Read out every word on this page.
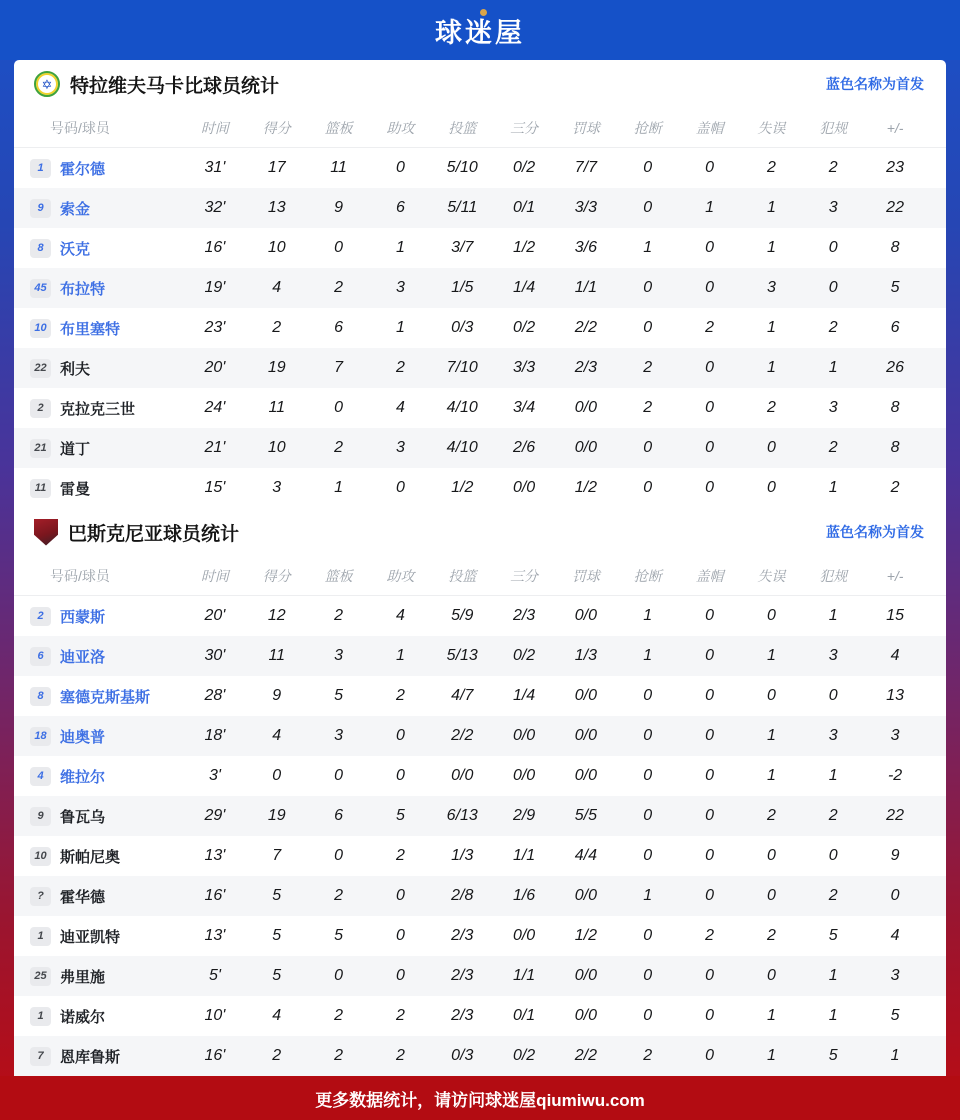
球迷屋
✡ 特拉维夫马卡比球员统计	蓝色名称为首发
号码/球员	时间	得分	篮板	助攻	投篮	三分	罚球	抢断	盖帽	失误	犯规	+/-
1	霍尔德	31'	17	11	0	5/10	0/2	7/7	0	0	2	2	23
9	索金	32'	13	9	6	5/11	0/1	3/3	0	1	1	3	22
8	沃克	16'	10	0	1	3/7	1/2	3/6	1	0	1	0	8
45 布拉特	19'	4	2	3	1/5	1/4	1/1	0	0	3	0	5
10 布里塞特	23'	2	6	1	0/3	0/2	2/2	0	2	1	2	6
22 利夫	20'	19	7	2	7/10	3/3	2/3	2	0	1	1	26
2	克拉克三世	24'	11	0	4	4/10	3/4	0/0	2	0	2	3	8
21 道丁	21'	10	2	3	4/10	2/6	0/0	0	0	0	2	8
11 雷曼	15'	3	1	0	1/2	0/0	1/2	0	0	0	1	2
巴斯克尼亚球员统计	蓝色名称为首发
号码/球员	时间	得分	篮板	助攻	投篮	三分	罚球	抢断	盖帽	失误	犯规	+/-
2	西蒙斯	20'	12	2	4	5/9	2/3	0/0	1	0	0	1	15
6	迪亚洛	30'	11	3	1	5/13	0/2	1/3	1	0	1	3	4
8	塞德克斯基斯	28'	9	5	2	4/7	1/4	0/0	0	0	0	0	13
18 迪奥普	18'	4	3	0	2/2	0/0	0/0	0	0	1	3	3
4	维拉尔	3'	0	0	0	0/0	0/0	0/0	0	0	1	1	-2
9	鲁瓦乌	29'	19	6	5	6/13	2/9	5/5	0	0	2	2	22
10 斯帕尼奥	13'	7	0	2	1/3	1/1	4/4	0	0	0	0	9
?	霍华德	16'	5	2	0	2/8	1/6	0/0	1	0	0	2	0
1	迪亚凯特	13'	5	5	0	2/3	0/0	1/2	0	2	2	5	4
25 弗里施	5'	5	0	0	2/3	1/1	0/0	0	0	0	1	3
1	诺威尔	10'	4	2	2	2/3	0/1	0/0	0	0	1	1	5
7	恩库鲁斯	16'	2	2	2	0/3	0/2	2/2	2	0	1	5	1
更多数据统计，请访问球迷屋qiumiwu.com
